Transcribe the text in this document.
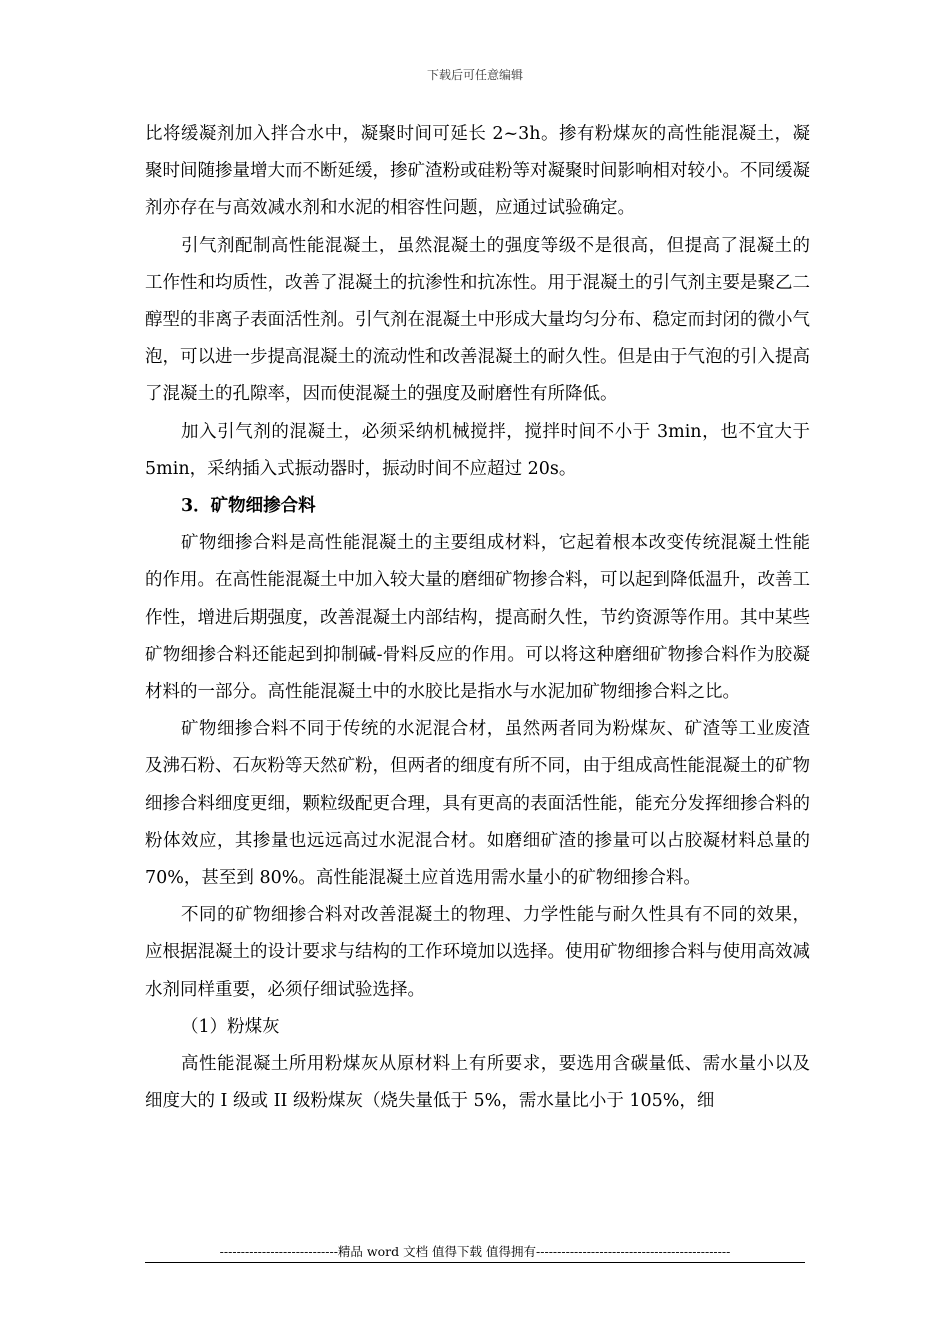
下载后可任意编辑

比将缓凝剂加入拌合水中，凝聚时间可延长 2~3h。掺有粉煤灰的高性能混凝土，凝聚时间随掺量增大而不断延缓，掺矿渣粉或硅粉等对凝聚时间影响相对较小。不同缓凝剂亦存在与高效减水剂和水泥的相容性问题，应通过试验确定。

引气剂配制高性能混凝土，虽然混凝土的强度等级不是很高，但提高了混凝土的工作性和均质性，改善了混凝土的抗渗性和抗冻性。用于混凝土的引气剂主要是聚乙二醇型的非离子表面活性剂。引气剂在混凝土中形成大量均匀分布、稳定而封闭的微小气泡，可以进一步提高混凝土的流动性和改善混凝土的耐久性。但是由于气泡的引入提高了混凝土的孔隙率，因而使混凝土的强度及耐磨性有所降低。

加入引气剂的混凝土，必须采纳机械搅拌，搅拌时间不小于 3min，也不宜大于 5min，采纳插入式振动器时，振动时间不应超过 20s。

3．矿物细掺合料

矿物细掺合料是高性能混凝土的主要组成材料，它起着根本改变传统混凝土性能的作用。在高性能混凝土中加入较大量的磨细矿物掺合料，可以起到降低温升，改善工作性，增进后期强度，改善混凝土内部结构，提高耐久性，节约资源等作用。其中某些矿物细掺合料还能起到抑制碱-骨料反应的作用。可以将这种磨细矿物掺合料作为胶凝材料的一部分。高性能混凝土中的水胶比是指水与水泥加矿物细掺合料之比。

矿物细掺合料不同于传统的水泥混合材，虽然两者同为粉煤灰、矿渣等工业废渣及沸石粉、石灰粉等天然矿粉，但两者的细度有所不同，由于组成高性能混凝土的矿物细掺合料细度更细，颗粒级配更合理，具有更高的表面活性能，能充分发挥细掺合料的粉体效应，其掺量也远远高过水泥混合材。如磨细矿渣的掺量可以占胶凝材料总量的 70%，甚至到 80%。高性能混凝土应首选用需水量小的矿物细掺合料。

不同的矿物细掺合料对改善混凝土的物理、力学性能与耐久性具有不同的效果，应根据混凝土的设计要求与结构的工作环境加以选择。使用矿物细掺合料与使用高效减水剂同样重要，必须仔细试验选择。

（1）粉煤灰

高性能混凝土所用粉煤灰从原材料上有所要求，要选用含碳量低、需水量小以及细度大的 I 级或 II 级粉煤灰（烧失量低于 5%，需水量比小于 105%，细

----------------------------精品 word 文档 值得下载 值得拥有----------------------------------------------
